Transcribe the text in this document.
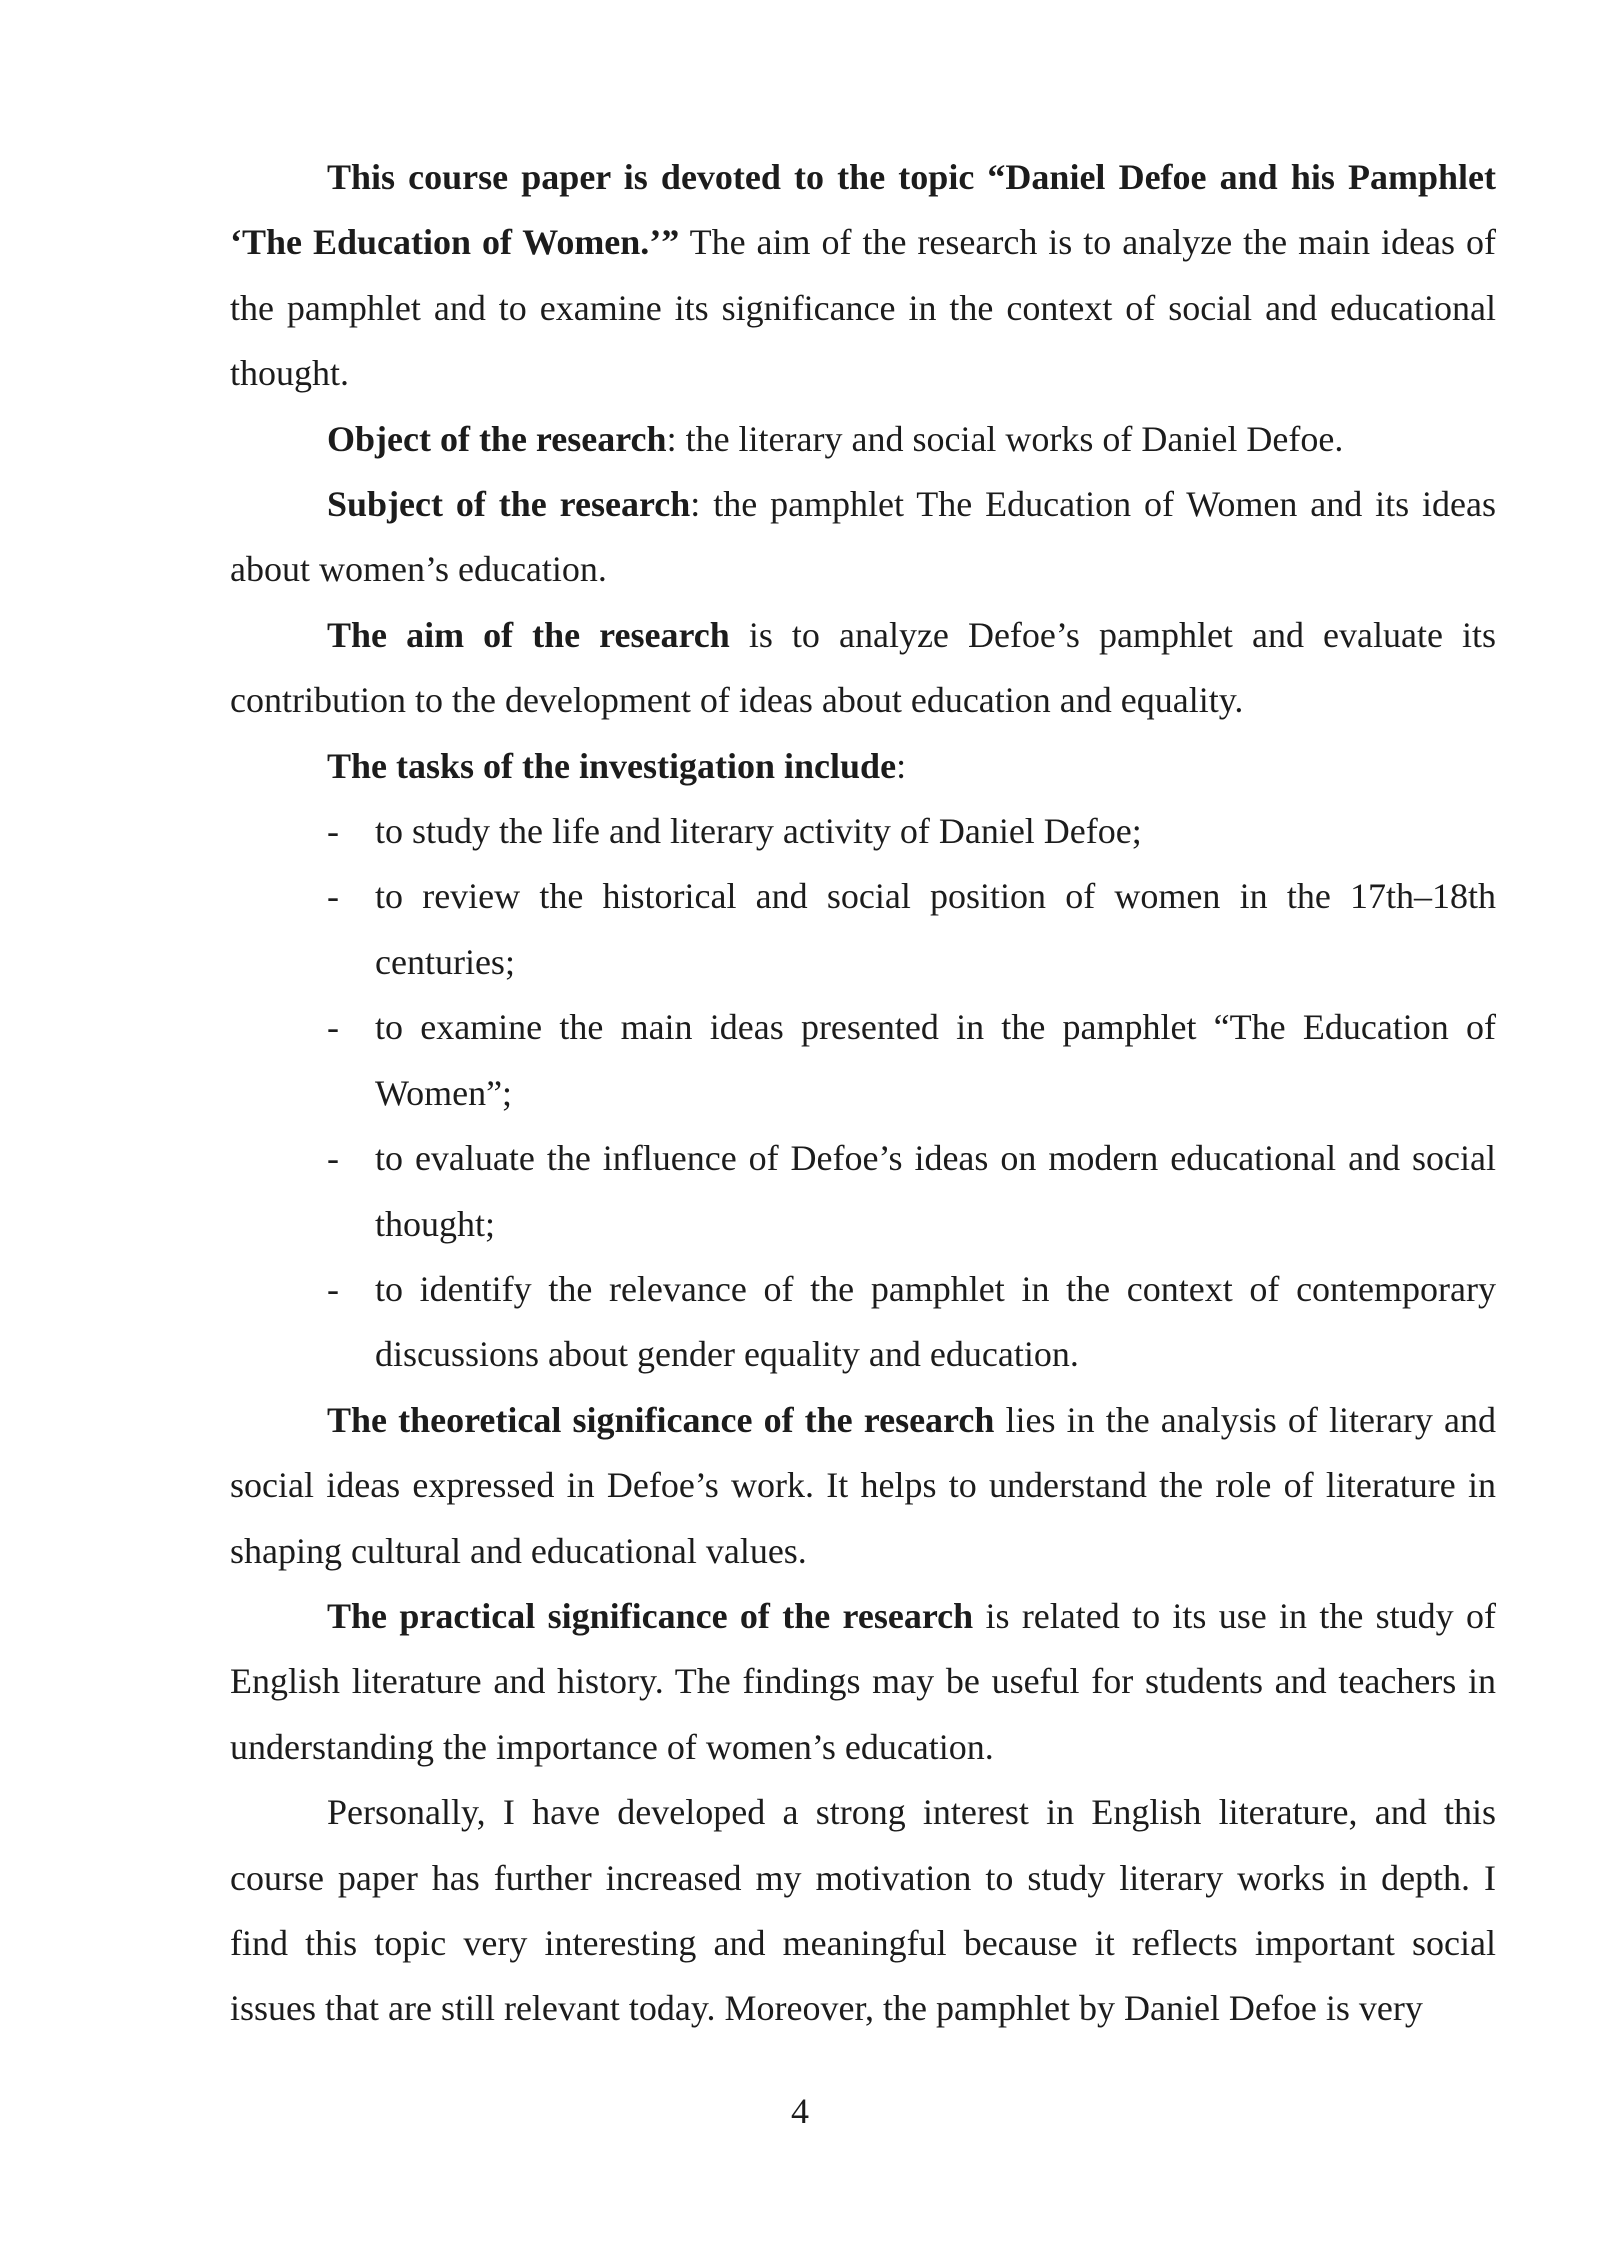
This course paper is devoted to the topic “Daniel Defoe and his Pamphlet ‘The Education of Women.’” The aim of the research is to analyze the main ideas of the pamphlet and to examine its significance in the context of social and educational thought.

Object of the research: the literary and social works of Daniel Defoe.

Subject of the research: the pamphlet The Education of Women and its ideas about women’s education.

The aim of the research is to analyze Defoe’s pamphlet and evaluate its contribution to the development of ideas about education and equality.

The tasks of the investigation include:

- to study the life and literary activity of Daniel Defoe;
- to review the historical and social position of women in the 17th–18th centuries;
- to examine the main ideas presented in the pamphlet “The Education of Women”;
- to evaluate the influence of Defoe’s ideas on modern educational and social thought;
- to identify the relevance of the pamphlet in the context of contemporary discussions about gender equality and education.

The theoretical significance of the research lies in the analysis of literary and social ideas expressed in Defoe’s work. It helps to understand the role of literature in shaping cultural and educational values.

The practical significance of the research is related to its use in the study of English literature and history. The findings may be useful for students and teachers in understanding the importance of women’s education.

Personally, I have developed a strong interest in English literature, and this course paper has further increased my motivation to study literary works in depth. I find this topic very interesting and meaningful because it reflects important social issues that are still relevant today. Moreover, the pamphlet by Daniel Defoe is very

4
